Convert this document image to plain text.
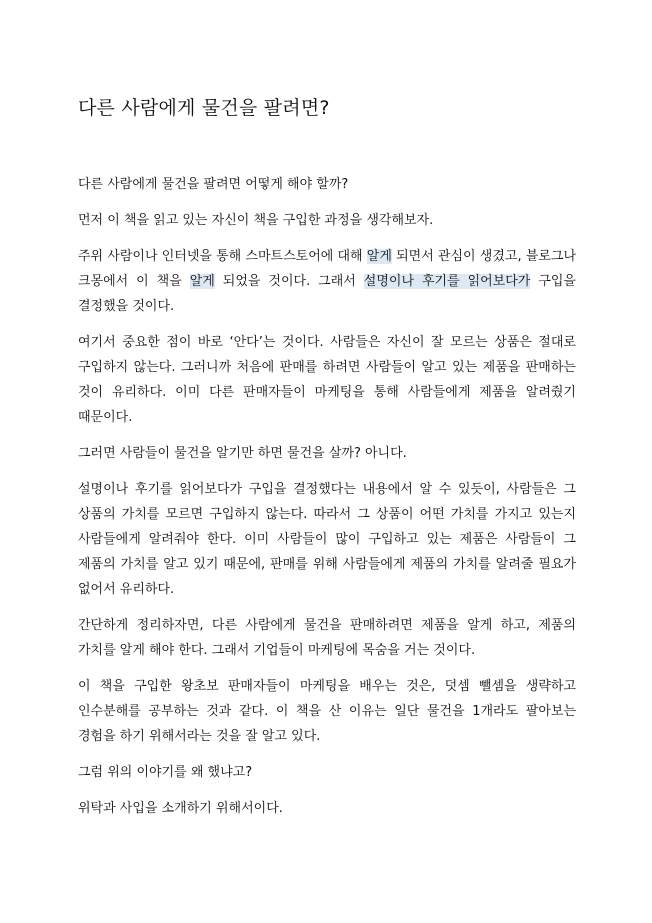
다른 사람에게 물건을 팔려면?

다른 사람에게 물건을 팔려면 어떻게 해야 할까?

먼저 이 책을 읽고 있는 자신이 책을 구입한 과정을 생각해보자.

주위 사람이나 인터넷을 통해 스마트스토어에 대해 알게 되면서 관심이 생겼고, 블로그나 크몽에서 이 책을 알게 되었을 것이다. 그래서 설명이나 후기를 읽어보다가 구입을 결정했을 것이다.

여기서 중요한 점이 바로 ‘안다’는 것이다. 사람들은 자신이 잘 모르는 상품은 절대로 구입하지 않는다. 그러니까 처음에 판매를 하려면 사람들이 알고 있는 제품을 판매하는 것이 유리하다. 이미 다른 판매자들이 마케팅을 통해 사람들에게 제품을 알려줬기 때문이다.

그러면 사람들이 물건을 알기만 하면 물건을 살까? 아니다.

설명이나 후기를 읽어보다가 구입을 결정했다는 내용에서 알 수 있듯이, 사람들은 그 상품의 가치를 모르면 구입하지 않는다. 따라서 그 상품이 어떤 가치를 가지고 있는지 사람들에게 알려줘야 한다. 이미 사람들이 많이 구입하고 있는 제품은 사람들이 그 제품의 가치를 알고 있기 때문에, 판매를 위해 사람들에게 제품의 가치를 알려줄 필요가 없어서 유리하다.

간단하게 정리하자면, 다른 사람에게 물건을 판매하려면 제품을 알게 하고, 제품의 가치를 알게 해야 한다. 그래서 기업들이 마케팅에 목숨을 거는 것이다.

이 책을 구입한 왕초보 판매자들이 마케팅을 배우는 것은, 덧셈 뺄셈을 생략하고 인수분해를 공부하는 것과 같다. 이 책을 산 이유는 일단 물건을 1개라도 팔아보는 경험을 하기 위해서라는 것을 잘 알고 있다.

그럼 위의 이야기를 왜 했냐고?

위탁과 사입을 소개하기 위해서이다.
